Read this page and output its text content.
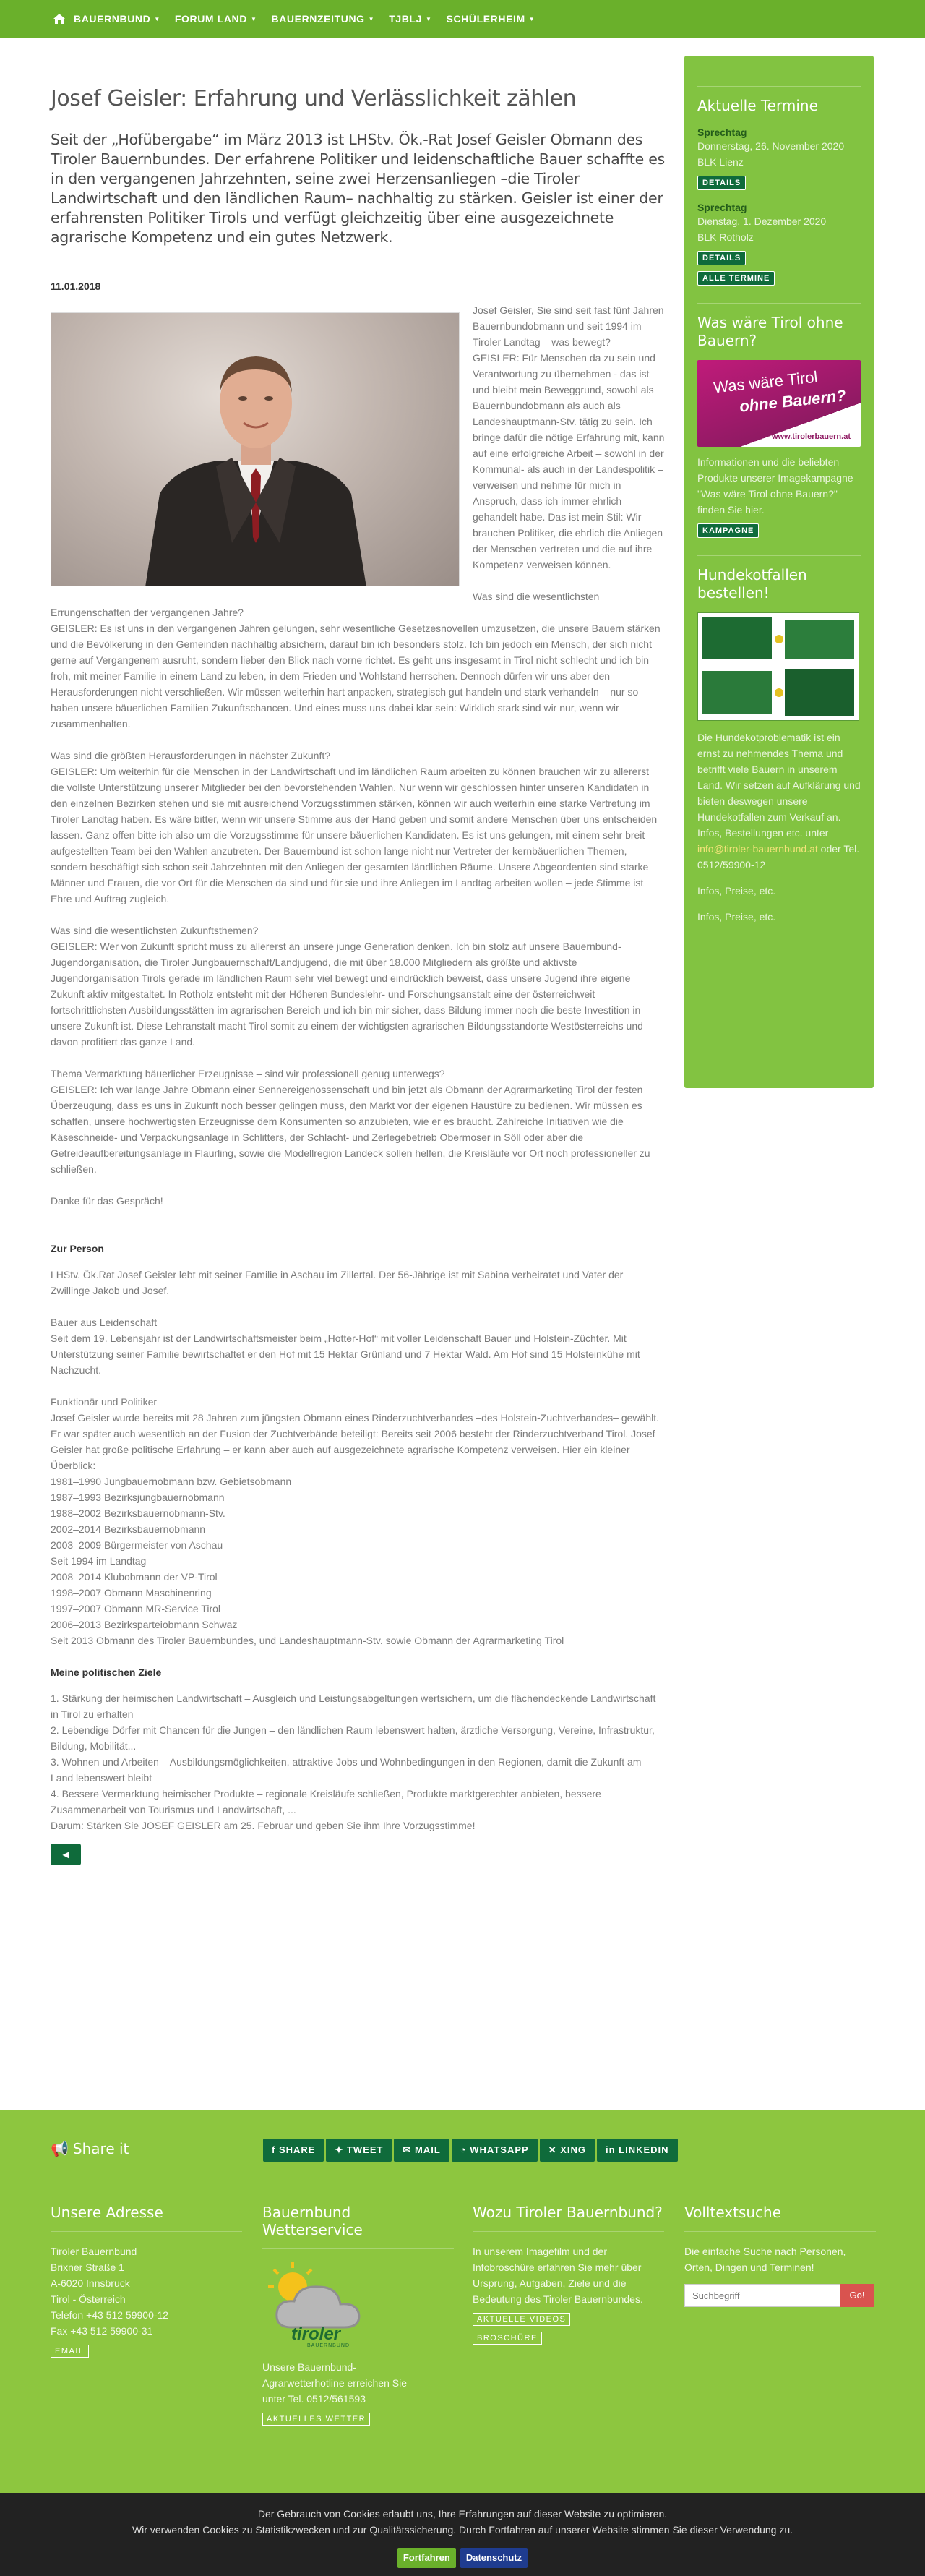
BAUERNBUND ▼ FORUM LAND ▼ BAUERNZEITUNG ▼ TJBLJ ▼ SCHÜLERHEIM ▼
Josef Geisler: Erfahrung und Verlässlichkeit zählen
Seit der „Hofübergabe“ im März 2013 ist LHStv. Ök.-Rat Josef Geisler Obmann des Tiroler Bauernbundes. Der erfahrene Politiker und leidenschaftliche Bauer schaffte es in den vergangenen Jahrzehnten, seine zwei Herzensanliegen –die Tiroler Landwirtschaft und den ländlichen Raum– nachhaltig zu stärken. Geisler ist einer der erfahrensten Politiker Tirols und verfügt gleichzeitig über eine ausgezeichnete agrarische Kompetenz und ein gutes Netzwerk.
11.01.2018

Josef Geisler, Sie sind seit fast fünf Jahren Bauernbundobmann und seit 1994 im Tiroler Landtag – was bewegt?
GEISLER: Für Menschen da zu sein und Verantwortung zu übernehmen - das ist und bleibt mein Beweggrund, sowohl als Bauernbundobmann als auch als Landeshauptmann-Stv. tätig zu sein. Ich bringe dafür die nötige Erfahrung mit, kann auf eine erfolgreiche Arbeit – sowohl in der Kommunal- als auch in der Landespolitik – verweisen und nehme für mich in Anspruch, dass ich immer ehrlich gehandelt habe. Das ist mein Stil: Wir brauchen Politiker, die ehrlich die Anliegen der Menschen vertreten und die auf ihre Kompetenz verweisen können.

Was sind die wesentlichsten Errungenschaften der vergangenen Jahre?
GEISLER: Es ist uns in den vergangenen Jahren gelungen, sehr wesentliche Gesetzesnovellen umzusetzen, die unsere Bauern stärken und die Bevölkerung in den Gemeinden nachhaltig absichern, darauf bin ich besonders stolz. Ich bin jedoch ein Mensch, der sich nicht gerne auf Vergangenem ausruht, sondern lieber den Blick nach vorne richtet. Es geht uns insgesamt in Tirol nicht schlecht und ich bin froh, mit meiner Familie in einem Land zu leben, in dem Frieden und Wohlstand herrschen. Dennoch dürfen wir uns aber den Herausforderungen nicht verschließen. Wir müssen weiterhin hart anpacken, strategisch gut handeln und stark verhandeln – nur so haben unsere bäuerlichen Familien Zukunftschancen. Und eines muss uns dabei klar sein: Wirklich stark sind wir nur, wenn wir zusammenhalten.

Was sind die größten Herausforderungen in nächster Zukunft?
GEISLER: Um weiterhin für die Menschen in der Landwirtschaft und im ländlichen Raum arbeiten zu können brauchen wir zu allererst die vollste Unterstützung unserer Mitglieder bei den bevorstehenden Wahlen. Nur wenn wir geschlossen hinter unseren Kandidaten in den einzelnen Bezirken stehen und sie mit ausreichend Vorzugsstimmen stärken, können wir auch weiterhin eine starke Vertretung im Tiroler Landtag haben. Es wäre bitter, wenn wir unsere Stimme aus der Hand geben und somit andere Menschen über uns entscheiden lassen. Ganz offen bitte ich also um die Vorzugsstimme für unsere bäuerlichen Kandidaten. Es ist uns gelungen, mit einem sehr breit aufgestellten Team bei den Wahlen anzutreten. Der Bauernbund ist schon lange nicht nur Vertreter der kernbäuerlichen Themen, sondern beschäftigt sich schon seit Jahrzehnten mit den Anliegen der gesamten ländlichen Räume. Unsere Abgeordenten sind starke Männer und Frauen, die vor Ort für die Menschen da sind und für sie und ihre Anliegen im Landtag arbeiten wollen – jede Stimme ist Ehre und Auftrag zugleich.

Was sind die wesentlichsten Zukunftsthemen?
GEISLER: Wer von Zukunft spricht muss zu allererst an unsere junge Generation denken. Ich bin stolz auf unsere Bauernbund-Jugendorganisation, die Tiroler Jungbauernschaft/Landjugend, die mit über 18.000 Mitgliedern als größte und aktivste Jugendorganisation Tirols gerade im ländlichen Raum sehr viel bewegt und eindrücklich beweist, dass unsere Jugend ihre eigene Zukunft aktiv mitgestaltet. In Rotholz entsteht mit der Höheren Bundeslehr- und Forschungsanstalt eine der österreichweit fortschrittlichsten Ausbildungsstätten im agrarischen Bereich und ich bin mir sicher, dass Bildung immer noch die beste Investition in unsere Zukunft ist. Diese Lehranstalt macht Tirol somit zu einem der wichtigsten agrarischen Bildungsstandorte Westösterreichs und davon profitiert das ganze Land.

Thema Vermarktung bäuerlicher Erzeugnisse – sind wir professionell genug unterwegs?
GEISLER: Ich war lange Jahre Obmann einer Sennereigenossenschaft und bin jetzt als Obmann der Agrarmarketing Tirol der festen Überzeugung, dass es uns in Zukunft noch besser gelingen muss, den Markt vor der eigenen Haustüre zu bedienen. Wir müssen es schaffen, unsere hochwertigsten Erzeugnisse dem Konsumenten so anzubieten, wie er es braucht. Zahlreiche Initiativen wie die Käseschneide- und Verpackungsanlage in Schlitters, der Schlacht- und Zerlegebetrieb Obermoser in Söll oder aber die Getreideaufbereitungsanlage in Flaurling, sowie die Modellregion Landeck sollen helfen, die Kreisläufe vor Ort noch professioneller zu schließen.

Danke für das Gespräch!

Zur Person

LHStv. Ök.Rat Josef Geisler lebt mit seiner Familie in Aschau im Zillertal. Der 56-Jährige ist mit Sabina verheiratet und Vater der Zwillinge Jakob und Josef.

Bauer aus Leidenschaft
Seit dem 19. Lebensjahr ist der Landwirtschaftsmeister beim „Hotter-Hof“ mit voller Leidenschaft Bauer und Holstein-Züchter. Mit Unterstützung seiner Familie bewirtschaftet er den Hof mit 15 Hektar Grünland und 7 Hektar Wald. Am Hof sind 15 Holsteinkühe mit Nachzucht.

Funktionär und Politiker
Josef Geisler wurde bereits mit 28 Jahren zum jüngsten Obmann eines Rinderzuchtverbandes –des Holstein-Zuchtverbandes– gewählt. Er war später auch wesentlich an der Fusion der Zuchtverbände beteiligt: Bereits seit 2006 besteht der Rinderzuchtverband Tirol. Josef Geisler hat große politische Erfahrung – er kann aber auch auf ausgezeichnete agrarische Kompetenz verweisen. Hier ein kleiner Überblick:
1981–1990 Jungbauernobmann bzw. Gebietsobmann
1987–1993 Bezirksjungbauernobmann
1988–2002 Bezirksbauernobmann-Stv.
2002–2014 Bezirksbauernobmann
2003–2009 Bürgermeister von Aschau
Seit 1994 im Landtag
2008–2014 Klubobmann der VP-Tirol
1998–2007 Obmann Maschinenring
1997–2007 Obmann MR-Service Tirol
2006–2013 Bezirksparteiobmann Schwaz
Seit 2013 Obmann des Tiroler Bauernbundes, und Landeshauptmann-Stv. sowie Obmann der Agrarmarketing Tirol

Meine politischen Ziele

1. Stärkung der heimischen Landwirtschaft – Ausgleich und Leistungsabgeltungen wertsichern, um die flächendeckende Landwirtschaft in Tirol zu erhalten
2. Lebendige Dörfer mit Chancen für die Jungen – den ländlichen Raum lebenswert halten, ärztliche Versorgung, Vereine, Infrastruktur, Bildung, Mobilität,..
3. Wohnen und Arbeiten – Ausbildungsmöglichkeiten, attraktive Jobs und Wohnbedingungen in den Regionen, damit die Zukunft am Land lebenswert bleibt
4. Bessere Vermarktung heimischer Produkte – regionale Kreisläufe schließen, Produkte marktgerechter anbieten, bessere Zusammenarbeit von Tourismus und Landwirtschaft, ...
Darum: Stärken Sie JOSEF GEISLER am 25. Februar und geben Sie ihm Ihre Vorzugsstimme!

◀
Aktuelle Termine
Sprechtag
Donnerstag, 26. November 2020
BLK Lienz
DETAILS
Sprechtag
Dienstag, 1. Dezember 2020
BLK Rotholz
DETAILS
ALLE TERMINE
Was wäre Tirol ohne Bauern?
Was wäre Tirol
ohne Bauern?
www.tirolerbauern.at
Informationen und die beliebten Produkte unserer Imagekampagne "Was wäre Tirol ohne Bauern?" finden Sie hier.
KAMPAGNE
Hundekotfallen bestellen!
Die Hundekotproblematik ist ein ernst zu nehmendes Thema und betrifft viele Bauern in unserem Land. Wir setzen auf Aufklärung und bieten deswegen unsere Hundekotfallen zum Verkauf an. Infos, Bestellungen etc. unter info@tiroler-bauernbund.at oder Tel. 0512/59900-12
Infos, Preise, etc.
Infos, Preise, etc.
📢 Share it	f SHARE	✦ TWEET	✉ MAIL	◔ WHATSAPP	✕ XING	in LINKEDIN
Unsere Adresse
Tiroler Bauernbund
Brixner Straße 1
A-6020 Innsbruck
Tirol - Österreich
Telefon +43 512 59900-12
Fax +43 512 59900-31
EMAIL
Bauernbund Wetterservice
tiroler
BAUERNBUND
Unsere Bauernbund-Agrarwetterhotline erreichen Sie unter Tel. 0512/561593
AKTUELLES WETTER
Wozu Tiroler Bauernbund?
In unserem Imagefilm und der Infobroschüre erfahren Sie mehr über Ursprung, Aufgaben, Ziele und die Bedeutung des Tiroler Bauernbundes.
AKTUELLE VIDEOS
BROSCHÜRE
Volltextsuche
Die einfache Suche nach Personen, Orten, Dingen und Terminen!
Suchbegriff
Go!
Der Gebrauch von Cookies erlaubt uns, Ihre Erfahrungen auf dieser Website zu optimieren.
Wir verwenden Cookies zu Statistikzwecken und zur Qualitätssicherung. Durch Fortfahren auf unserer Website stimmen Sie dieser Verwendung zu.
Fortfahren	Datenschutz
